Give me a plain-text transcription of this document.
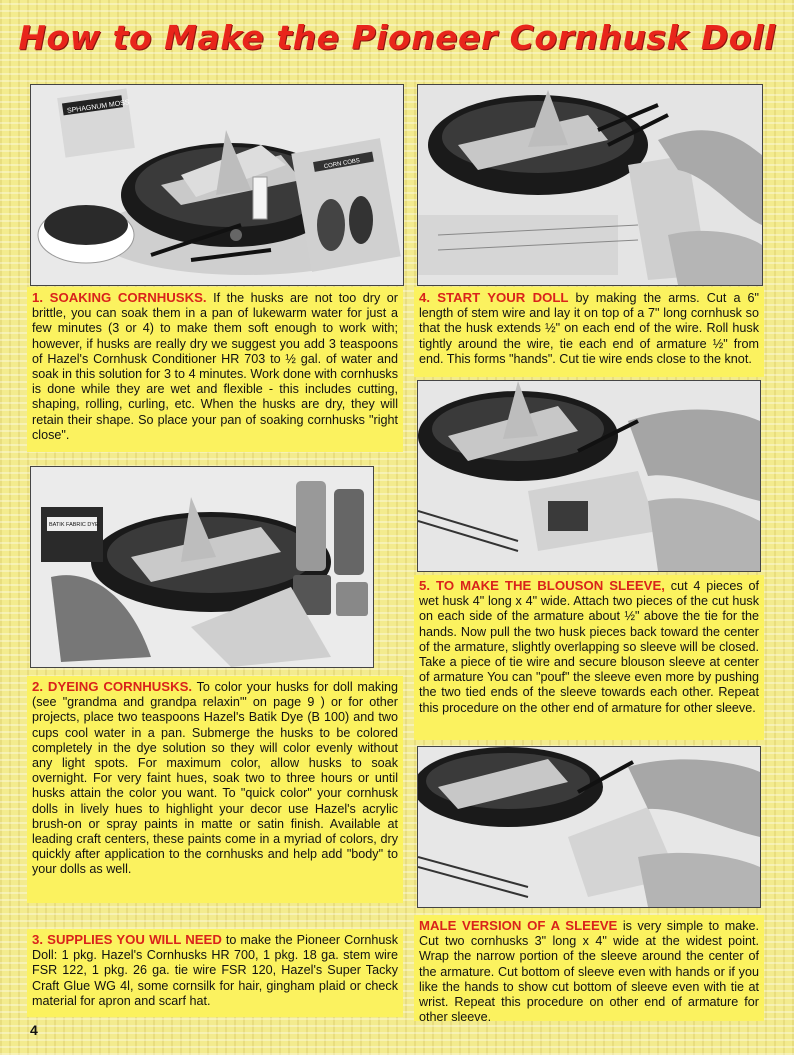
How to Make the Pioneer Cornhusk Doll
SPHAGNUM MOSS
CORN COBS
1. SOAKING CORNHUSKS. If the husks are not too dry or brittle, you can soak them in a pan of lukewarm water for just a few minutes (3 or 4) to make them soft enough to work with; however, if husks are really dry we suggest you add 3 teaspoons of Hazel's Cornhusk Conditioner HR 703 to ½ gal. of water and soak in this solution for 3 to 4 minutes. Work done with cornhusks is done while they are wet and flexible - this includes cutting, shaping, rolling, curling, etc. When the husks are dry, they will retain their shape. So place your pan of soaking cornhusks "right close".
4. START YOUR DOLL by making the arms. Cut a 6" length of stem wire and lay it on top of a 7" long cornhusk so that the husk extends ½" on each end of the wire. Roll husk tightly around the wire, tie each end of armature ½" from end. This forms "hands". Cut tie wire ends close to the knot.
BATIK FABRIC DYE
2. DYEING CORNHUSKS. To color your husks for doll making (see "grandma and grandpa relaxin'" on page 9 ) or for other projects, place two teaspoons Hazel's Batik Dye (B 100) and two cups cool water in a pan. Submerge the husks to be colored completely in the dye solution so they will color evenly without any light spots. For maximum color, allow husks to soak overnight. For very faint hues, soak two to three hours or until husks attain the color you want. To "quick color" your cornhusk dolls in lively hues to highlight your decor use Hazel's acrylic brush-on or spray paints in matte or satin finish. Available at leading craft centers, these paints come in a myriad of colors, dry quickly after application to the cornhusks and help add "body" to your dolls as well.
5. TO MAKE THE BLOUSON SLEEVE, cut 4 pieces of wet husk 4" long x 4" wide. Attach two pieces of the cut husk on each side of the armature about ½" above the tie for the hands. Now pull the two husk pieces back toward the center of the armature, slightly overlapping so sleeve will be closed. Take a piece of tie wire and secure blouson sleeve at center of armature You can "pouf" the sleeve even more by pushing the two tied ends of the sleeve towards each other. Repeat this procedure on the other end of armature for other sleeve.
3. SUPPLIES YOU WILL NEED to make the Pioneer Cornhusk Doll: 1 pkg. Hazel's Cornhusks HR 700, 1 pkg. 18 ga. stem wire FSR 122, 1 pkg. 26 ga. tie wire FSR 120, Hazel's Super Tacky Craft Glue WG 4l, some cornsilk for hair, gingham plaid or check material for apron and scarf hat.
MALE VERSION OF A SLEEVE is very simple to make. Cut two cornhusks 3" long x 4" wide at the widest point. Wrap the narrow portion of the sleeve around the center of the armature. Cut bottom of sleeve even with hands or if you like the hands to show cut bottom of sleeve even with tie at wrist. Repeat this procedure on other end of armature for other sleeve.
4
